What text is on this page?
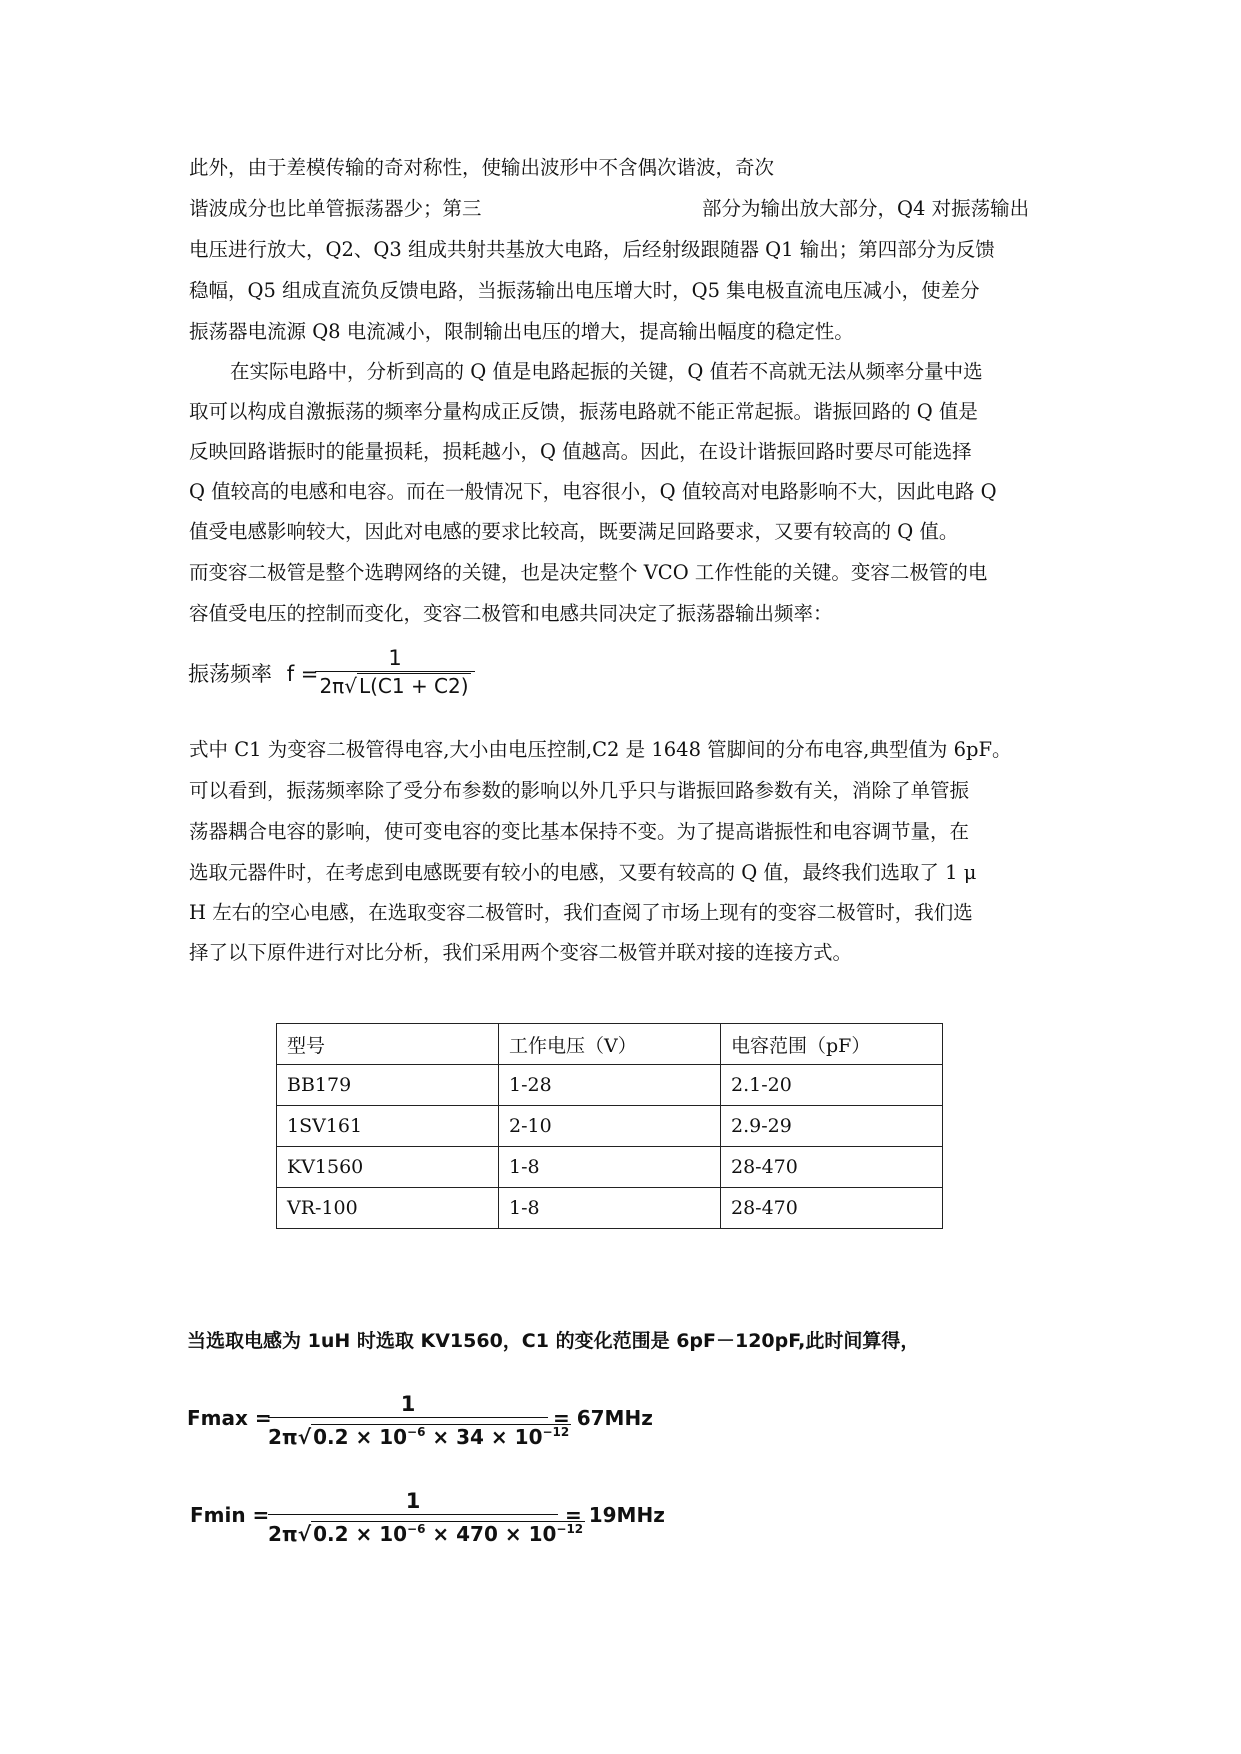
此外，由于差模传输的奇对称性，使输出波形中不含偶次谐波，奇次
谐波成分也比单管振荡器少；第三	部分为输出放大部分，Q4 对振荡输出
电压进行放大，Q2、Q3 组成共射共基放大电路，后经射级跟随器 Q1 输出；第四部分为反馈
稳幅，Q5 组成直流负反馈电路，当振荡输出电压增大时，Q5 集电极直流电压减小，使差分
振荡器电流源 Q8 电流减小，限制输出电压的增大，提高输出幅度的稳定性。
在实际电路中，分析到高的 Q 值是电路起振的关键，Q 值若不高就无法从频率分量中选
取可以构成自激振荡的频率分量构成正反馈，振荡电路就不能正常起振。谐振回路的 Q 值是
反映回路谐振时的能量损耗，损耗越小，Q 值越高。因此，在设计谐振回路时要尽可能选择
Q 值较高的电感和电容。而在一般情况下，电容很小，Q 值较高对电路影响不大，因此电路 Q
值受电感影响较大，因此对电感的要求比较高，既要满足回路要求，又要有较高的 Q 值。
而变容二极管是整个选聘网络的关键，也是决定整个 VCO 工作性能的关键。变容二极管的电
容值受电压的控制而变化，变容二极管和电感共同决定了振荡器输出频率：
振荡频率 f =
1
2π√ L(C1 + C2)
式中 C1 为变容二极管得电容,大小由电压控制,C2 是 1648 管脚间的分布电容,典型值为 6pF。
可以看到，振荡频率除了受分布参数的影响以外几乎只与谐振回路参数有关，消除了单管振
荡器耦合电容的影响，使可变电容的变比基本保持不变。为了提高谐振性和电容调节量，在
选取元器件时，在考虑到电感既要有较小的电感，又要有较高的 Q 值，最终我们选取了 1 μ
H 左右的空心电感，在选取变容二极管时，我们查阅了市场上现有的变容二极管时，我们选
择了以下原件进行对比分析，我们采用两个变容二极管并联对接的连接方式。
型号	工作电压（V）	电容范围（pF）
BB179	1-28	2.1-20
1SV161	2-10	2.9-29
KV1560	1-8	28-470
VR-100	1-8	28-470
当选取电感为 1uH 时选取 KV1560，C1 的变化范围是 6pF－120pF,此时间算得，
Fmax =
1
2π√ $0.2 \times 10^{-6} \times 34 \times 10^{-12}$
= 67MHz
Fmin =
1
2π√ $0.2 \times 10^{-6} \times 470 \times 10^{-12}$
= 19MHz
